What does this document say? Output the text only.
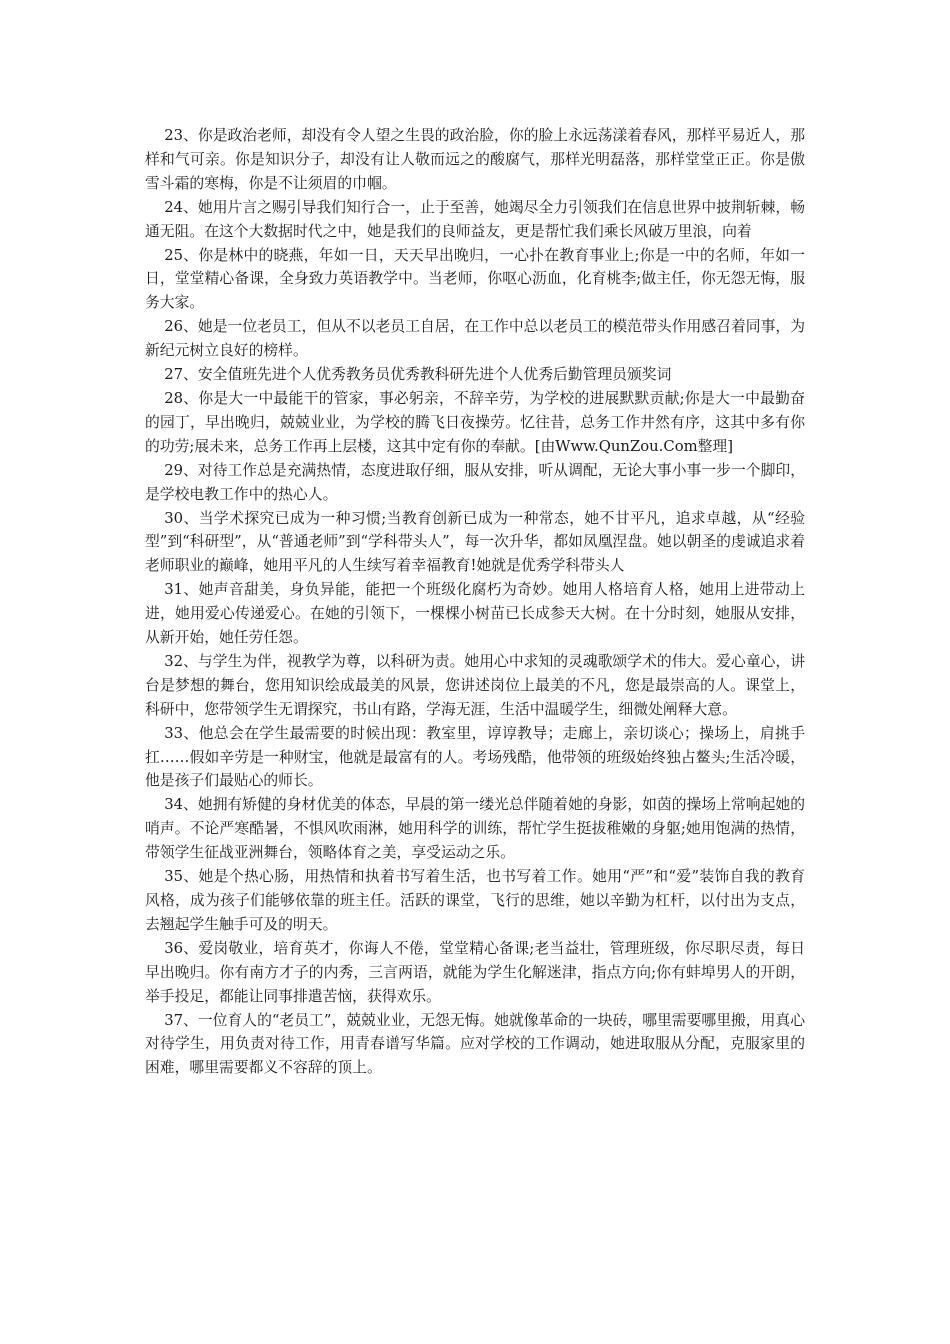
23、你是政治老师，却没有令人望之生畏的政治脸，你的脸上永远荡漾着春风，那样平易近人，那样和气可亲。你是知识分子，却没有让人敬而远之的酸腐气，那样光明磊落，那样堂堂正正。你是傲雪斗霜的寒梅，你是不让须眉的巾帼。

24、她用片言之赐引导我们知行合一，止于至善，她竭尽全力引领我们在信息世界中披荆斩棘，畅通无阻。在这个大数据时代之中，她是我们的良师益友，更是帮忙我们乘长风破万里浪，向着

25、你是林中的晓燕，年如一日，天天早出晚归，一心扑在教育事业上;你是一中的名师，年如一日，堂堂精心备课，全身致力英语教学中。当老师，你呕心沥血，化育桃李;做主任，你无怨无悔，服务大家。

26、她是一位老员工，但从不以老员工自居，在工作中总以老员工的模范带头作用感召着同事，为新纪元树立良好的榜样。

27、安全值班先进个人优秀教务员优秀教科研先进个人优秀后勤管理员颁奖词

28、你是大一中最能干的管家，事必躬亲，不辞辛劳，为学校的进展默默贡献;你是大一中最勤奋的园丁，早出晚归，兢兢业业，为学校的腾飞日夜操劳。忆往昔，总务工作井然有序，这其中多有你的功劳;展未来，总务工作再上层楼，这其中定有你的奉献。[由Www.QunZou.Com整理]

29、对待工作总是充满热情，态度进取仔细，服从安排，听从调配，无论大事小事一步一个脚印，是学校电教工作中的热心人。

30、当学术探究已成为一种习惯;当教育创新已成为一种常态，她不甘平凡，追求卓越，从“经验型”到“科研型”，从“普通老师”到“学科带头人”，每一次升华，都如凤凰涅盘。她以朝圣的虔诚追求着老师职业的巅峰，她用平凡的人生续写着幸福教育!她就是优秀学科带头人

31、她声音甜美，身负异能，能把一个班级化腐朽为奇妙。她用人格培育人格，她用上进带动上进，她用爱心传递爱心。在她的引领下，一棵棵小树苗已长成参天大树。在十分时刻，她服从安排，从新开始，她任劳任怨。

32、与学生为伴，视教学为尊，以科研为责。她用心中求知的灵魂歌颂学术的伟大。爱心童心，讲台是梦想的舞台，您用知识绘成最美的风景，您讲述岗位上最美的不凡，您是最崇高的人。课堂上，科研中，您带领学生无谓探究，书山有路，学海无涯，生活中温暖学生，细微处阐释大意。

33、他总会在学生最需要的时候出现：教室里，谆谆教导；走廊上，亲切谈心；操场上，肩挑手扛……假如辛劳是一种财宝，他就是最富有的人。考场残酷，他带领的班级始终独占鳌头;生活冷暖，他是孩子们最贴心的师长。

34、她拥有矫健的身材优美的体态，早晨的第一缕光总伴随着她的身影，如茵的操场上常响起她的哨声。不论严寒酷暑，不惧风吹雨淋，她用科学的训练，帮忙学生挺拔稚嫩的身躯;她用饱满的热情，带领学生征战亚洲舞台，领略体育之美，享受运动之乐。

35、她是个热心肠，用热情和执着书写着生活，也书写着工作。她用“严”和“爱”装饰自我的教育风格，成为孩子们能够依靠的班主任。活跃的课堂，飞行的思维，她以辛勤为杠杆，以付出为支点，去翘起学生触手可及的明天。

36、爱岗敬业，培育英才，你诲人不倦，堂堂精心备课;老当益壮，管理班级，你尽职尽责，每日早出晚归。你有南方才子的内秀，三言两语，就能为学生化解迷津，指点方向;你有蚌埠男人的开朗，举手投足，都能让同事排遣苦恼，获得欢乐。

37、一位育人的“老员工”，兢兢业业，无怨无悔。她就像革命的一块砖，哪里需要哪里搬，用真心对待学生，用负责对待工作，用青春谱写华篇。应对学校的工作调动，她进取服从分配，克服家里的困难，哪里需要都义不容辞的顶上。
